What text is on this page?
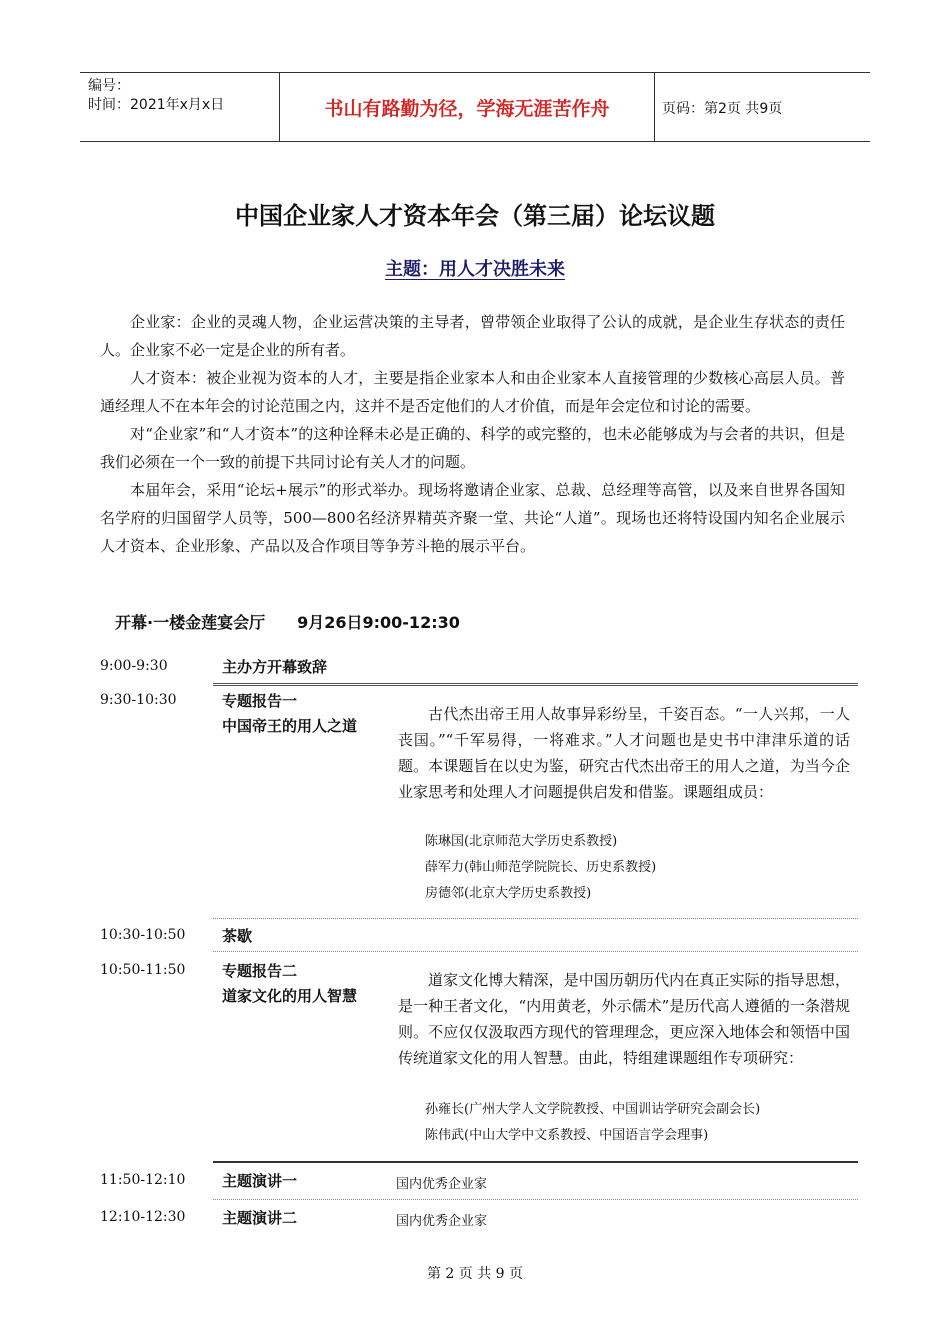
编号：
时间：2021年x月x日	书山有路勤为径，学海无涯苦作舟	页码：第2页 共9页
中国企业家人才资本年会（第三届）论坛议题
主题：用人才决胜未来

企业家：企业的灵魂人物，企业运营决策的主导者，曾带领企业取得了公认的成就，是企业生存状态的责任人。企业家不必一定是企业的所有者。

人才资本：被企业视为资本的人才，主要是指企业家本人和由企业家本人直接管理的少数核心高层人员。普通经理人不在本年会的讨论范围之内，这并不是否定他们的人才价值，而是年会定位和讨论的需要。

对“企业家”和“人才资本”的这种诠释未必是正确的、科学的或完整的，也未必能够成为与会者的共识，但是我们必须在一个一致的前提下共同讨论有关人才的问题。

本届年会，采用“论坛+展示”的形式举办。现场将邀请企业家、总裁、总经理等高管，以及来自世界各国知名学府的归国留学人员等，500—800名经济界精英齐聚一堂、共论“人道”。现场也还将特设国内知名企业展示人才资本、企业形象、产品以及合作项目等争芳斗艳的展示平台。

开幕·一楼金莲宴会厅 9月26日9:00-12:30
9:00-9:30	主办方开幕致辞
9:30-10:30	专题报告一
中国帝王的用人之道

古代杰出帝王用人故事异彩纷呈，千姿百态。“一人兴邦，一人丧国。”“千军易得，一将难求。”人才问题也是史书中津津乐道的话题。本课题旨在以史为鉴，研究古代杰出帝王的用人之道，为当今企业家思考和处理人才问题提供启发和借鉴。课题组成员：

陈琳国(北京师范大学历史系教授)
薛军力(韩山师范学院院长、历史系教授)
房德邻(北京大学历史系教授)
10:30-10:50 茶歇
10:50-11:50 专题报告二
道家文化的用人智慧

道家文化博大精深，是中国历朝历代内在真正实际的指导思想，是一种王者文化，“内用黄老，外示儒术”是历代高人遵循的一条潜规则。不应仅仅汲取西方现代的管理理念，更应深入地体会和领悟中国传统道家文化的用人智慧。由此，特组建课题组作专项研究：

孙雍长(广州大学人文学院教授、中国训诂学研究会副会长)
陈伟武(中山大学中文系教授、中国语言学会理事)
11:50-12:10 主题演讲一	国内优秀企业家
12:10-12:30 主题演讲二	国内优秀企业家
第 2 页 共 9 页
